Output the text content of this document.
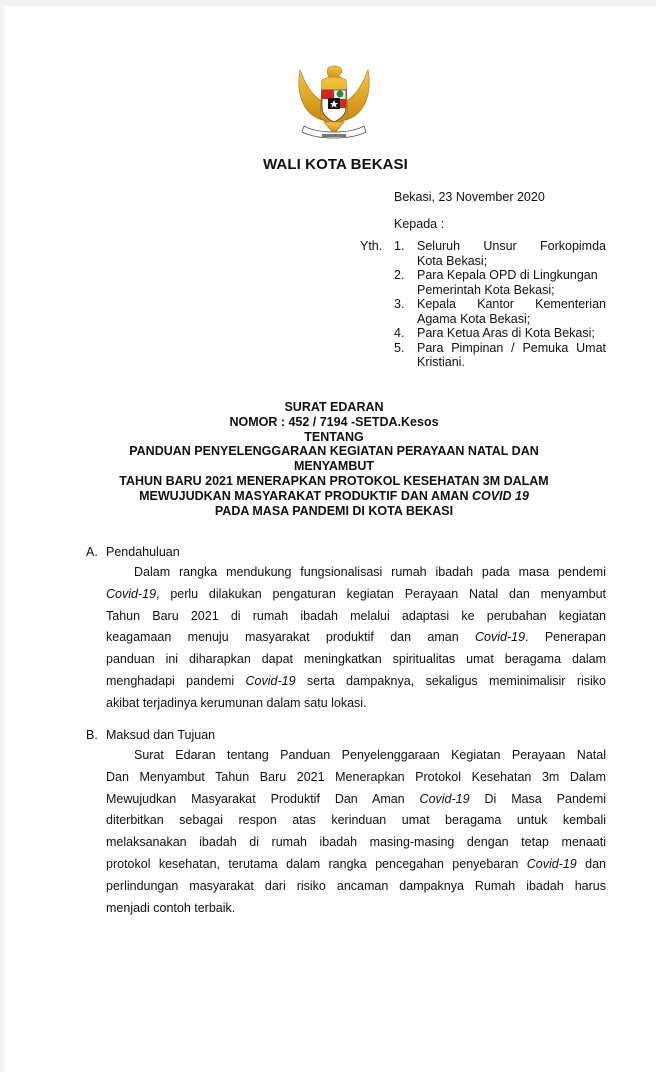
WALI KOTA BEKASI
Bekasi, 23 November 2020
Kepada :
Yth. 1.	Seluruh Unsur Forkopimda
Kota Bekasi;
2.	Para Kepala OPD di Lingkungan
Pemerintah Kota Bekasi;
3.	Kepala Kantor Kementerian
Agama Kota Bekasi;
4.	Para Ketua Aras di Kota Bekasi;
5.	Para Pimpinan / Pemuka Umat
Kristiani.
SURAT EDARAN
NOMOR : 452 / 7194 -SETDA.Kesos
TENTANG
PANDUAN PENYELENGGARAAN KEGIATAN PERAYAAN NATAL DAN
MENYAMBUT
TAHUN BARU 2021 MENERAPKAN PROTOKOL KESEHATAN 3M DALAM
MEWUJUDKAN MASYARAKAT PRODUKTIF DAN AMAN COVID 19
PADA MASA PANDEMI DI KOTA BEKASI
A. Pendahuluan
Dalam rangka mendukung fungsionalisasi rumah ibadah pada masa pendemi
Covid-19, perlu dilakukan pengaturan kegiatan Perayaan Natal dan menyambut
Tahun Baru 2021 di rumah ibadah melalui adaptasi ke perubahan kegiatan
keagamaan menuju masyarakat produktif dan aman Covid-19. Penerapan
panduan ini diharapkan dapat meningkatkan spiritualitas umat beragama dalam
menghadapi pandemi Covid-19 serta dampaknya, sekaligus meminimalisir risiko
akibat terjadinya kerumunan dalam satu lokasi.
B. Maksud dan Tujuan
Surat Edaran tentang Panduan Penyelenggaraan Kegiatan Perayaan Natal
Dan Menyambut Tahun Baru 2021 Menerapkan Protokol Kesehatan 3m Dalam
Mewujudkan Masyarakat Produktif Dan Aman Covid-19 Di Masa Pandemi
diterbitkan sebagai respon atas kerinduan umat beragama untuk kembali
melaksanakan ibadah di rumah ibadah masing-masing dengan tetap menaati
protokol kesehatan, terutama dalam rangka pencegahan penyebaran Covid-19 dan
perlindungan masyarakat dari risiko ancaman dampaknya Rumah ibadah harus
menjadi contoh terbaik.
